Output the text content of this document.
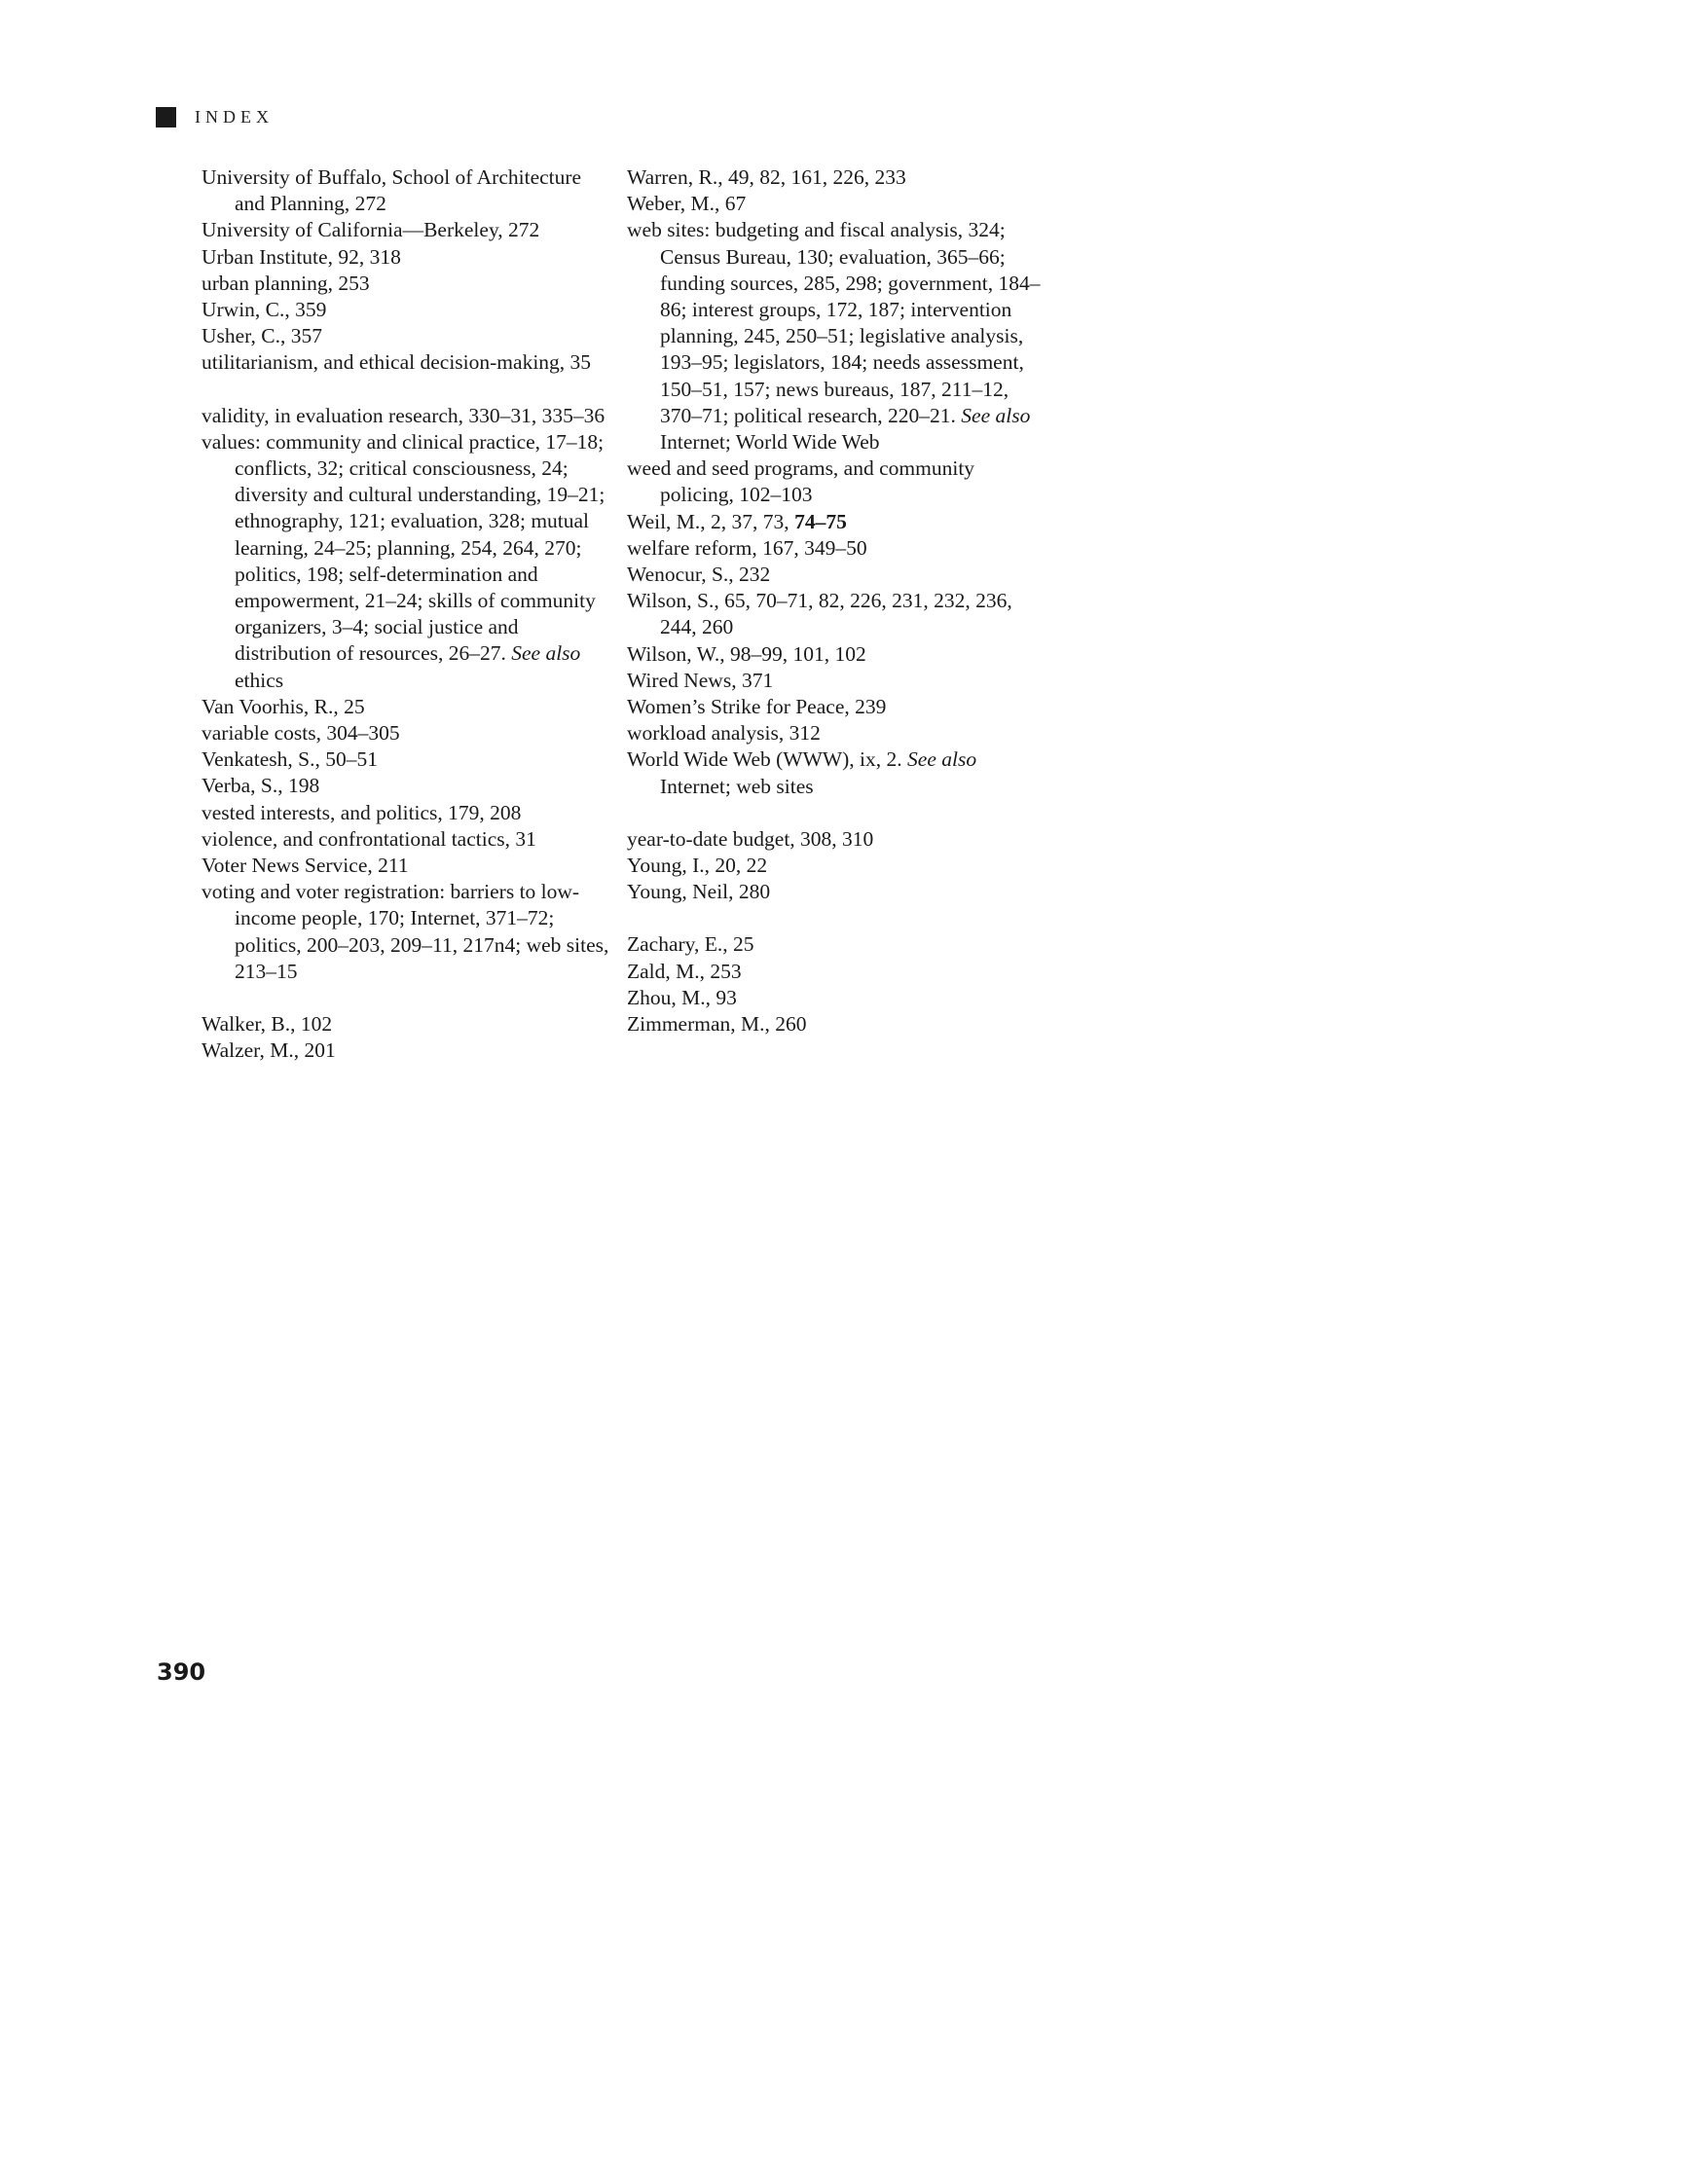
INDEX

University of Buffalo, School of Architecture and Planning, 272

University of California—Berkeley, 272

Urban Institute, 92, 318

urban planning, 253

Urwin, C., 359

Usher, C., 357

utilitarianism, and ethical decision-making, 35

validity, in evaluation research, 330–31, 335–36

values: community and clinical practice, 17–18; conflicts, 32; critical consciousness, 24; diversity and cultural understanding, 19–21; ethnography, 121; evaluation, 328; mutual learning, 24–25; planning, 254, 264, 270; politics, 198; self-determination and empowerment, 21–24; skills of community organizers, 3–4; social justice and distribution of resources, 26–27. See also ethics

Van Voorhis, R., 25

variable costs, 304–305

Venkatesh, S., 50–51

Verba, S., 198

vested interests, and politics, 179, 208

violence, and confrontational tactics, 31

Voter News Service, 211

voting and voter registration: barriers to low-income people, 170; Internet, 371–72; politics, 200–203, 209–11, 217n4; web sites, 213–15

Walker, B., 102

Walzer, M., 201

Warren, R., 49, 82, 161, 226, 233

Weber, M., 67

web sites: budgeting and fiscal analysis, 324; Census Bureau, 130; evaluation, 365–66; funding sources, 285, 298; government, 184–86; interest groups, 172, 187; intervention planning, 245, 250–51; legislative analysis, 193–95; legislators, 184; needs assessment, 150–51, 157; news bureaus, 187, 211–12, 370–71; political research, 220–21. See also Internet; World Wide Web

weed and seed programs, and community policing, 102–103

Weil, M., 2, 37, 73, 74–75

welfare reform, 167, 349–50

Wenocur, S., 232

Wilson, S., 65, 70–71, 82, 226, 231, 232, 236, 244, 260

Wilson, W., 98–99, 101, 102

Wired News, 371

Women’s Strike for Peace, 239

workload analysis, 312

World Wide Web (WWW), ix, 2. See also Internet; web sites

year-to-date budget, 308, 310

Young, I., 20, 22

Young, Neil, 280

Zachary, E., 25

Zald, M., 253

Zhou, M., 93

Zimmerman, M., 260

390
